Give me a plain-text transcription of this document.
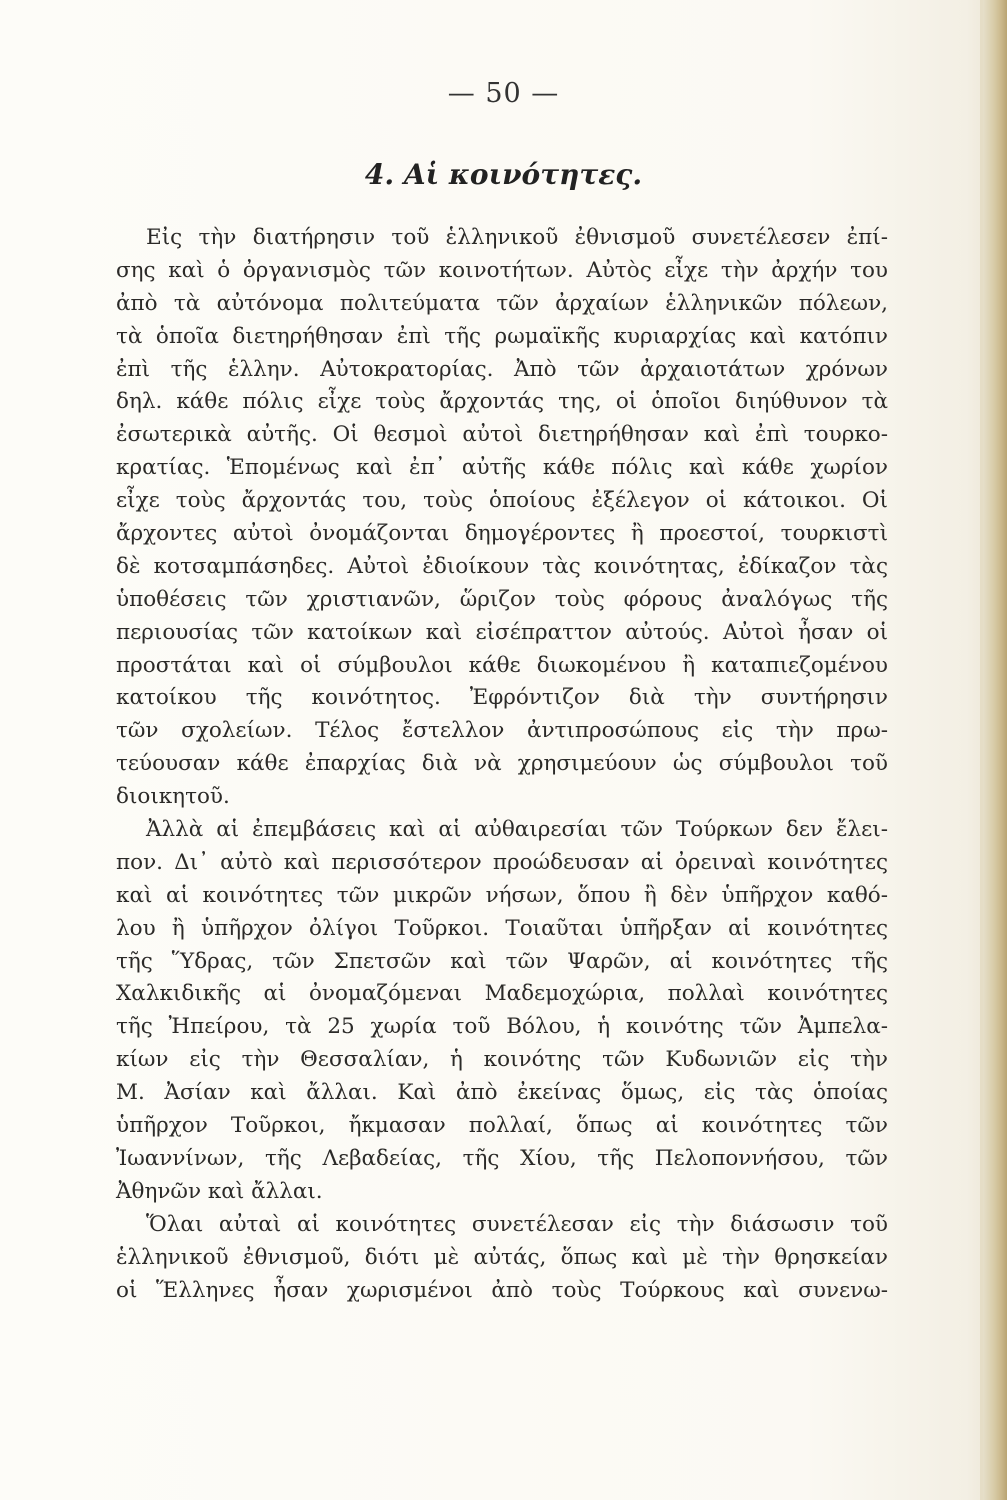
— 50 —
4. Αἱ κοινότητες.
Εἰς τὴν διατήρησιν τοῦ ἑλληνικοῦ ἐθνισμοῦ συνετέλεσεν ἐπί-
σης καὶ ὁ ὀργανισμὸς τῶν κοινοτήτων. Αὐτὸς εἶχε τὴν ἀρχήν του
ἀπὸ τὰ αὐτόνομα πολιτεύματα τῶν ἀρχαίων ἑλληνικῶν πόλεων,
τὰ ὁποῖα διετηρήθησαν ἐπὶ τῆς ρωμαϊκῆς κυριαρχίας καὶ κατόπιν
ἐπὶ τῆς ἑλλην. Αὐτοκρατορίας. Ἀπὸ τῶν ἀρχαιοτάτων χρόνων
δηλ. κάθε πόλις εἶχε τοὺς ἄρχοντάς της, οἱ ὁποῖοι διηύθυνον τὰ
ἐσωτερικὰ αὐτῆς. Οἱ θεσμοὶ αὐτοὶ διετηρήθησαν καὶ ἐπὶ τουρκο-
κρατίας. Ἑπομένως καὶ ἐπ᾿ αὐτῆς κάθε πόλις καὶ κάθε χωρίον
εἶχε τοὺς ἄρχοντάς του, τοὺς ὁποίους ἐξέλεγον οἱ κάτοικοι. Οἱ
ἄρχοντες αὐτοὶ ὀνομάζονται δημογέροντες ἢ προεστοί, τουρκιστὶ
δὲ κοτσαμπάσηδες. Αὐτοὶ ἐδιοίκουν τὰς κοινότητας, ἐδίκαζον τὰς
ὑποθέσεις τῶν χριστιανῶν, ὥριζον τοὺς φόρους ἀναλόγως τῆς
περιουσίας τῶν κατοίκων καὶ εἰσέπραττον αὐτούς. Αὐτοὶ ἦσαν οἱ
προστάται καὶ οἱ σύμβουλοι κάθε διωκομένου ἢ καταπιεζομένου
κατοίκου τῆς κοινότητος. Ἐφρόντιζον διὰ τὴν συντήρησιν
τῶν σχολείων. Τέλος ἔστελλον ἀντιπροσώπους εἰς τὴν πρω-
τεύουσαν κάθε ἐπαρχίας διὰ νὰ χρησιμεύουν ὡς σύμβουλοι τοῦ
διοικητοῦ.
Ἀλλὰ αἱ ἐπεμβάσεις καὶ αἱ αὐθαιρεσίαι τῶν Τούρκων δεν ἔλει-
πον. Δι᾿ αὐτὸ καὶ περισσότερον προώδευσαν αἱ ὀρειναὶ κοινότητες
καὶ αἱ κοινότητες τῶν μικρῶν νήσων, ὅπου ἢ δὲν ὑπῆρχον καθό-
λου ἢ ὑπῆρχον ὀλίγοι Τοῦρκοι. Τοιαῦται ὑπῆρξαν αἱ κοινότητες
τῆς Ὕδρας, τῶν Σπετσῶν καὶ τῶν Ψαρῶν, αἱ κοινότητες τῆς
Χαλκιδικῆς αἱ ὀνομαζόμεναι Μαδεμοχώρια, πολλαὶ κοινότητες
τῆς Ἠπείρου, τὰ 25 χωρία τοῦ Βόλου, ἡ κοινότης τῶν Ἀμπελα-
κίων εἰς τὴν Θεσσαλίαν, ἡ κοινότης τῶν Κυδωνιῶν εἰς τὴν
Μ. Ἀσίαν καὶ ἄλλαι. Καὶ ἀπὸ ἐκείνας ὅμως, εἰς τὰς ὁποίας
ὑπῆρχον Τοῦρκοι, ἤκμασαν πολλαί, ὅπως αἱ κοινότητες τῶν
Ἰωαννίνων, τῆς Λεβαδείας, τῆς Χίου, τῆς Πελοποννήσου, τῶν
Ἀθηνῶν καὶ ἄλλαι.
Ὅλαι αὐταὶ αἱ κοινότητες συνετέλεσαν εἰς τὴν διάσωσιν τοῦ
ἑλληνικοῦ ἐθνισμοῦ, διότι μὲ αὐτάς, ὅπως καὶ μὲ τὴν θρησκείαν
οἱ Ἕλληνες ἦσαν χωρισμένοι ἀπὸ τοὺς Τούρκους καὶ συνενω-
